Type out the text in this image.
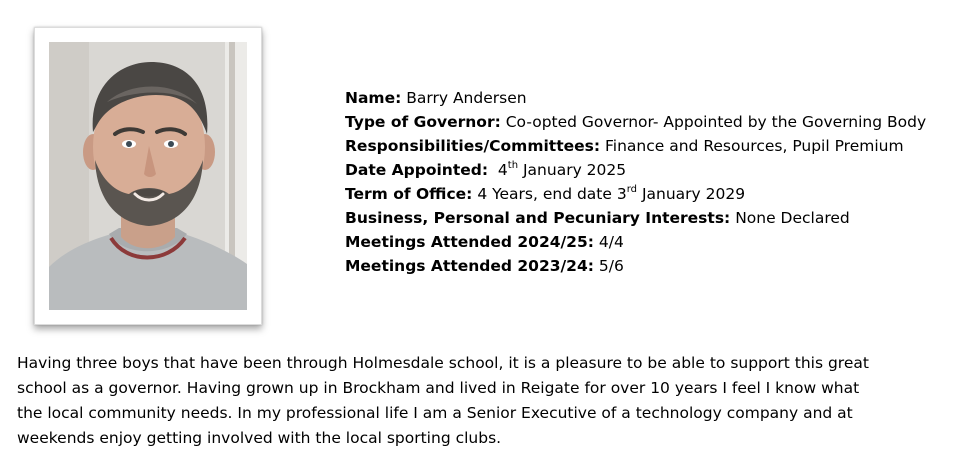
Name: Barry Andersen
Type of Governor: Co-opted Governor- Appointed by the Governing Body
Responsibilities/Committees: Finance and Resources, Pupil Premium
Date Appointed: 4th January 2025
Term of Office: 4 Years, end date 3rd January 2029
Business, Personal and Pecuniary Interests: None Declared
Meetings Attended 2024/25: 4/4
Meetings Attended 2023/24: 5/6
Having three boys that have been through Holmesdale school, it is a pleasure to be able to support this great
school as a governor. Having grown up in Brockham and lived in Reigate for over 10 years I feel I know what
the local community needs. In my professional life I am a Senior Executive of a technology company and at
weekends enjoy getting involved with the local sporting clubs.
